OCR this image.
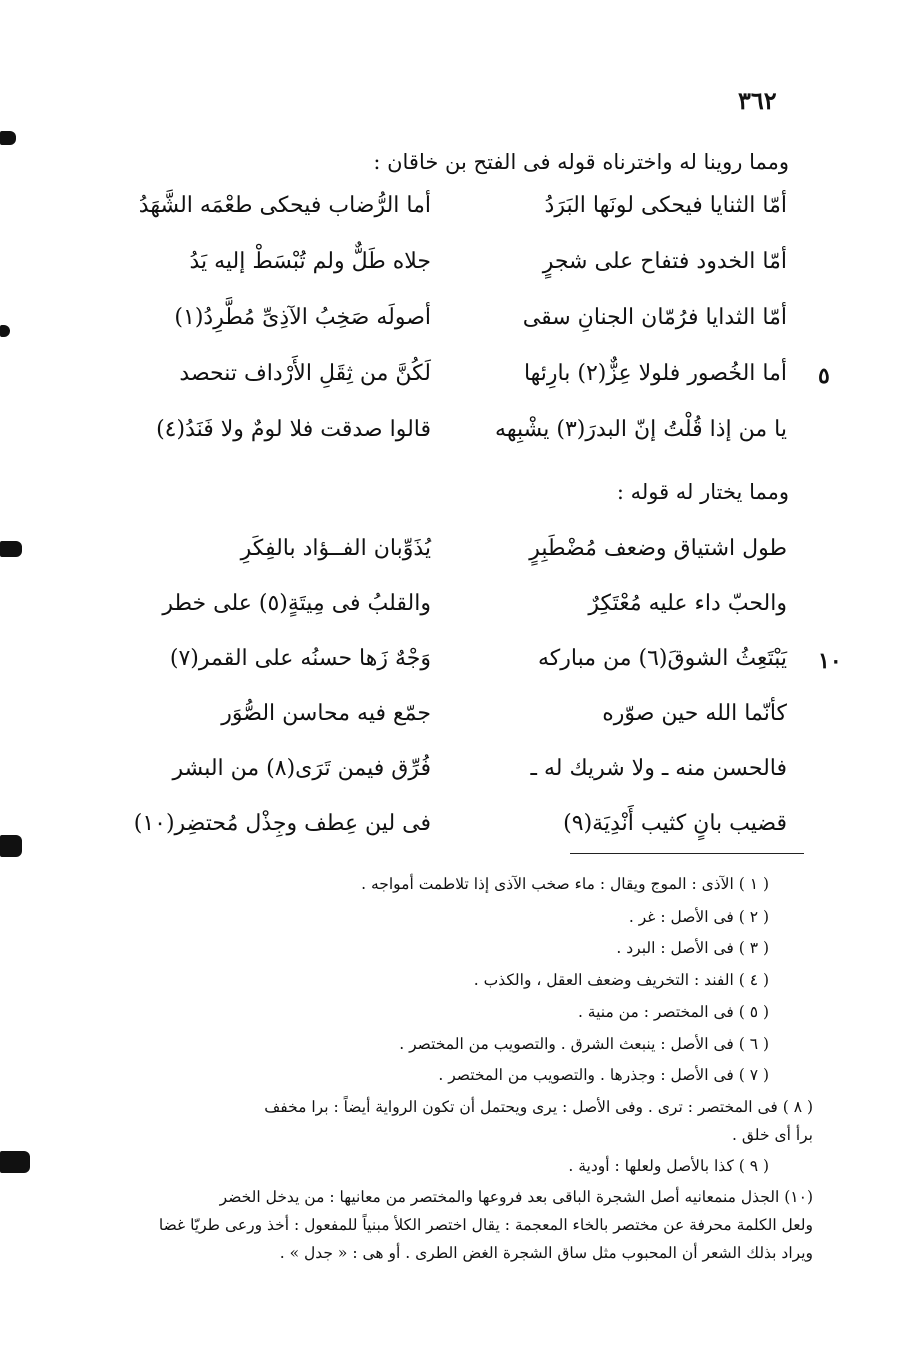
٣٦٢
ومما روينا له واخترناه قوله فى الفتح بن خاقان :
أمّا الثنايا فيحكى لونَها البَرَدُ
أما الرُّضاب فيحكى طعْمَه الشَّهَدُ
أمّا الخدود فتفاح على شجرٍ
جلاه طَلٌّ ولم تُبْسَطْ إليه يَدُ
أمّا الثدايا فرُمّان الجنانِ سقى
أصولَه صَخِبُ الآذِىِّ مُطَّرِدُ(١)
أما الخُصور فلولا عِزٌّ(٢) بارِئها
لَكُنَّ من ثِقَلِ الأَرْداف تنحصد	٥
يا من إذا قُلْتُ إنّ البدرَ(٣) يشْبِهه
قالوا صدقت فلا لومٌ ولا فَنَدُ(٤)
ومما يختار له قوله :
طول اشتياق وضعف مُضْطَبِرٍ
يُذَوِّبان الفــؤاد بالفِكَرِ
والحبّ داء عليه مُعْتَكِرٌ
والقلبُ فى مِيتَةٍ(٥) على خطر
يَبْتَعِثُ الشوقَ(٦) من مباركه
وَجْهٌ زَها حسنُه على القمر(٧)	١٠
كأنّما الله حين صوّره
جمّع فيه محاسن الصُّوَر
فالحسن منه ـ ولا شريك له ـ
فُرِّق فيمن تَرَى(٨) من البشر
قضيب بانٍ كثيب أَنْدِيَة(٩)
فى لين عِطف وجِذْل مُحتضِر(١٠)
( ١ ) الآذى : الموج ويقال : ماء صخب الآذى إذا تلاطمت أمواجه .
( ٢ ) فى الأصل : غر .
( ٣ ) فى الأصل : البرد .
( ٤ ) الفند : التخريف وضعف العقل ، والكذب .
( ٥ ) فى المختصر : من منية .
( ٦ ) فى الأصل : ينبعث الشرق . والتصويب من المختصر .
( ٧ ) فى الأصل : وجذرها . والتصويب من المختصر .
( ٨ ) فى المختصر : ترى . وفى الأصل : يرى ويحتمل أن تكون الرواية أيضاً : برا مخفف
برأ أى خلق .
( ٩ ) كذا بالأصل ولعلها : أودية .
(١٠) الجذل منمعانيه أصل الشجرة الباقى بعد فروعها والمختصر من معانيها : من يدخل الخضر
ولعل الكلمة محرفة عن مختصر بالخاء المعجمة : يقال اختصر الكلأ مبنياً للمفعول : أخذ ورعى طريّا غضا
ويراد بذلك الشعر أن المحبوب مثل ساق الشجرة الغض الطرى . أو هى : « جدل » .
